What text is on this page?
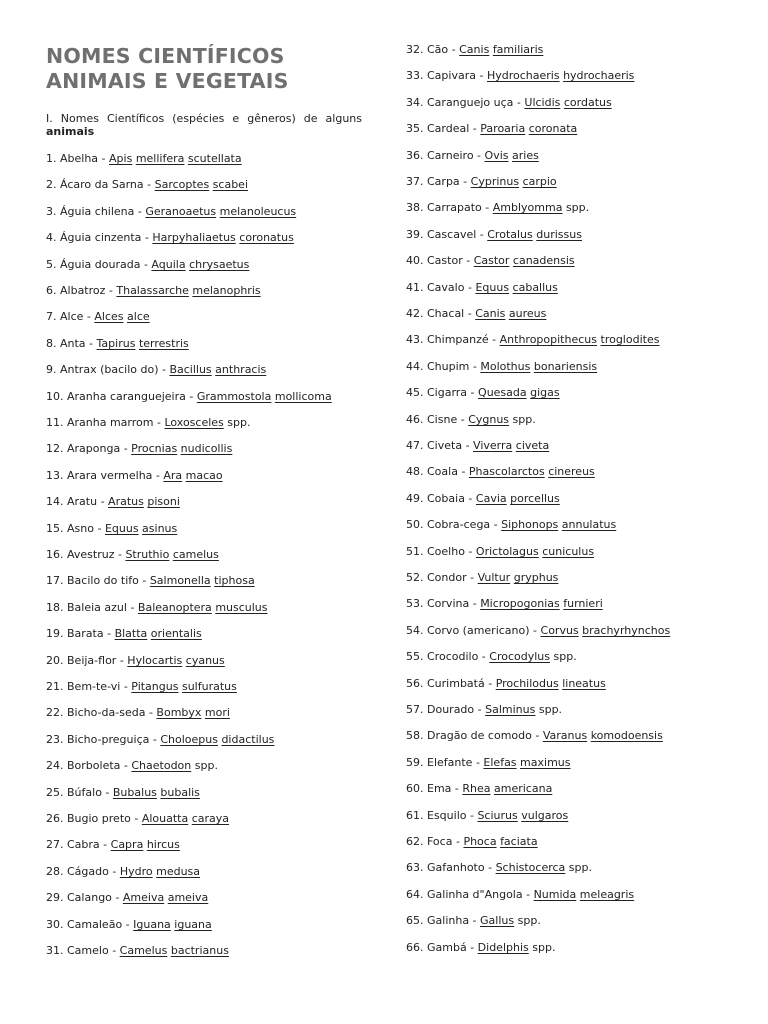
NOMES CIENTÍFICOS
ANIMAIS E VEGETAIS
I. Nomes Científicos (espécies e gêneros) de alguns animais
1. Abelha - Apis mellifera scutellata
2. Ácaro da Sarna - Sarcoptes scabei
3. Águia chilena - Geranoaetus melanoleucus
4. Águia cinzenta - Harpyhaliaetus coronatus
5. Águia dourada - Aquila chrysaetus
6. Albatroz - Thalassarche melanophris
7. Alce - Alces alce
8. Anta - Tapirus terrestris
9. Antrax (bacilo do) - Bacillus anthracis
10. Aranha caranguejeira - Grammostola mollicoma
11. Aranha marrom - Loxosceles spp.
12. Araponga - Procnias nudicollis
13. Arara vermelha - Ara macao
14. Aratu - Aratus pisoni
15. Asno - Equus asinus
16. Avestruz - Struthio camelus
17. Bacilo do tifo - Salmonella tiphosa
18. Baleia azul - Baleanoptera musculus
19. Barata - Blatta orientalis
20. Beija-flor - Hylocartis cyanus
21. Bem-te-vi - Pitangus sulfuratus
22. Bicho-da-seda - Bombyx mori
23. Bicho-preguiça - Choloepus didactilus
24. Borboleta - Chaetodon spp.
25. Búfalo - Bubalus bubalis
26. Bugio preto - Alouatta caraya
27. Cabra - Capra hircus
28. Cágado - Hydro medusa
29. Calango - Ameiva ameiva
30. Camaleão - Iguana iguana
31. Camelo - Camelus bactrianus
32. Cão - Canis familiaris
33. Capivara - Hydrochaeris hydrochaeris
34. Caranguejo uça - Ulcidis cordatus
35. Cardeal - Paroaria coronata
36. Carneiro - Ovis aries
37. Carpa - Cyprinus carpio
38. Carrapato - Amblyomma spp.
39. Cascavel - Crotalus durissus
40. Castor - Castor canadensis
41. Cavalo - Equus caballus
42. Chacal - Canis aureus
43. Chimpanzé - Anthropopithecus troglodites
44. Chupim - Molothus bonariensis
45. Cigarra - Quesada gigas
46. Cisne - Cygnus spp.
47. Civeta - Viverra civeta
48. Coala - Phascolarctos cinereus
49. Cobaia - Cavia porcellus
50. Cobra-cega - Siphonops annulatus
51. Coelho - Orictolagus cuniculus
52. Condor - Vultur gryphus
53. Corvina - Micropogonias furnieri
54. Corvo (americano) - Corvus brachyrhynchos
55. Crocodilo - Crocodylus spp.
56. Curimbatá - Prochilodus lineatus
57. Dourado - Salminus spp.
58. Dragão de comodo - Varanus komodoensis
59. Elefante - Elefas maximus
60. Ema - Rhea americana
61. Esquilo - Sciurus vulgaros
62. Foca - Phoca faciata
63. Gafanhoto - Schistocerca spp.
64. Galinha d"Angola - Numida meleagris
65. Galinha - Gallus spp.
66. Gambá - Didelphis spp.
